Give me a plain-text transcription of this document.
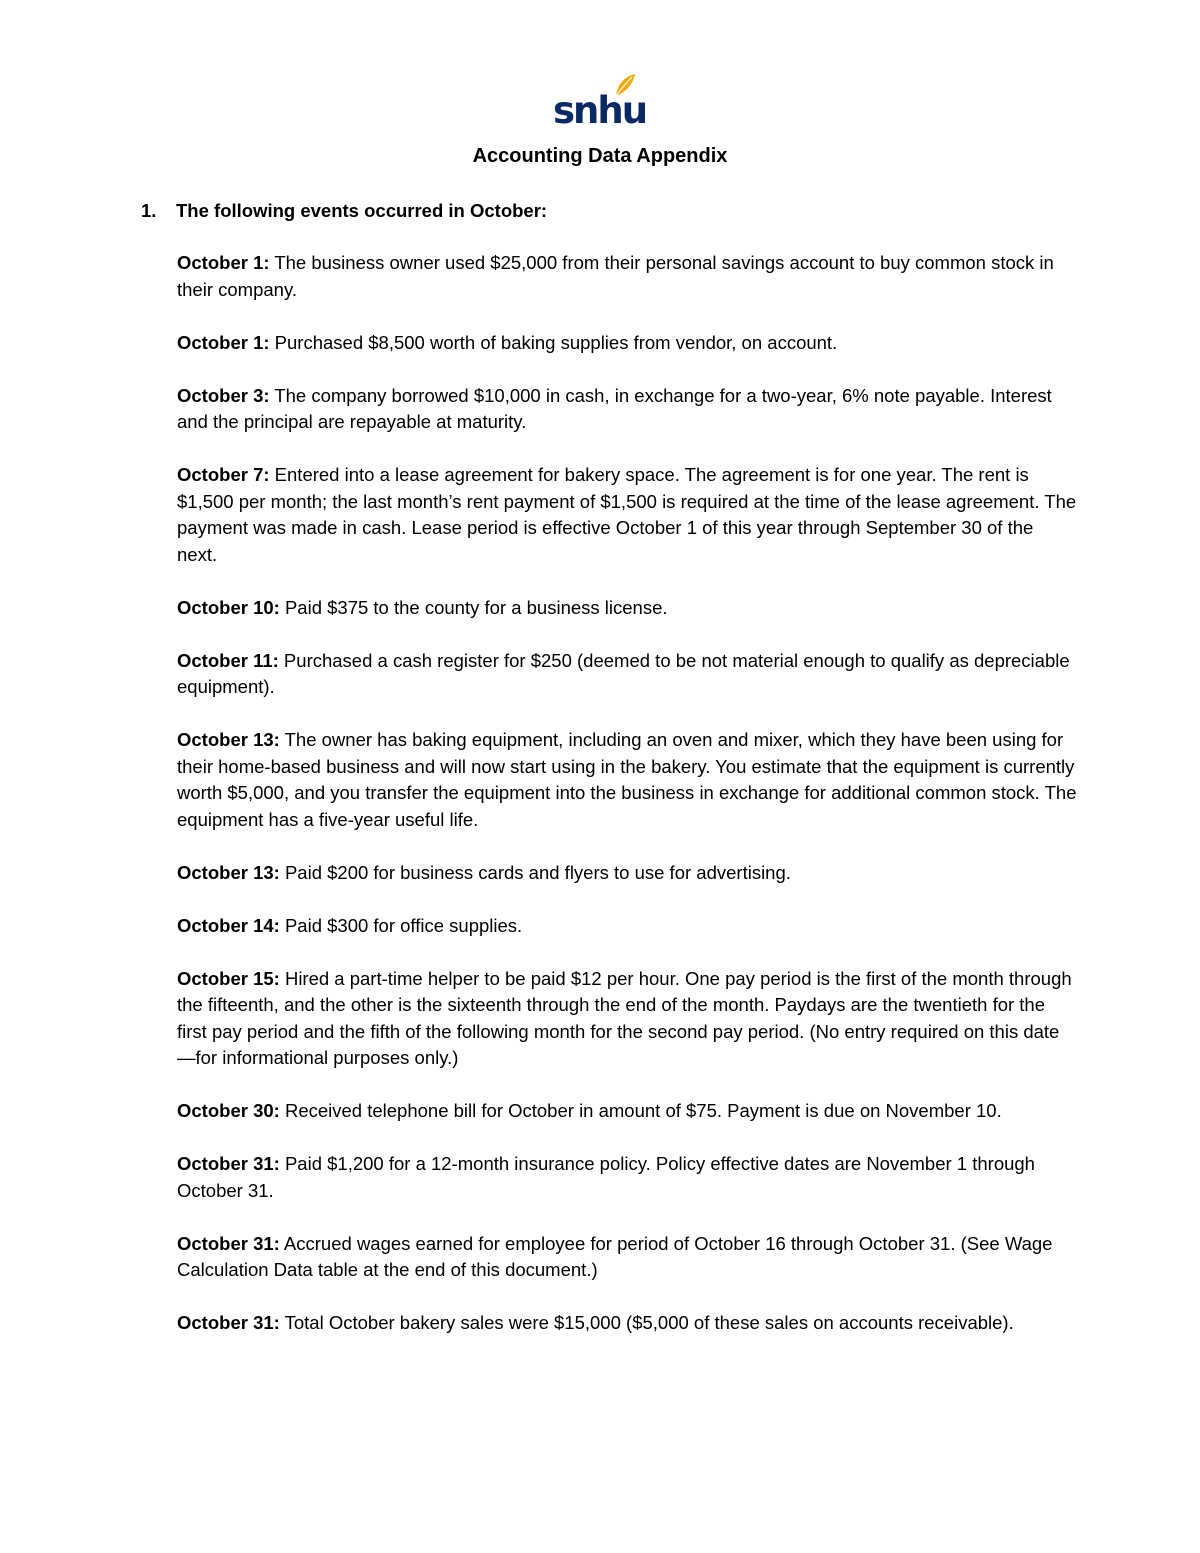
snhu
Accounting Data Appendix
1. The following events occurred in October:
October 1: The business owner used $25,000 from their personal savings account to buy common stock in their company.
October 1: Purchased $8,500 worth of baking supplies from vendor, on account.
October 3: The company borrowed $10,000 in cash, in exchange for a two-year, 6% note payable. Interest and the principal are repayable at maturity.
October 7: Entered into a lease agreement for bakery space. The agreement is for one year. The rent is $1,500 per month; the last month’s rent payment of $1,500 is required at the time of the lease agreement. The payment was made in cash. Lease period is effective October 1 of this year through September 30 of the next.
October 10: Paid $375 to the county for a business license.
October 11: Purchased a cash register for $250 (deemed to be not material enough to qualify as depreciable equipment).
October 13: The owner has baking equipment, including an oven and mixer, which they have been using for their home-based business and will now start using in the bakery. You estimate that the equipment is currently worth $5,000, and you transfer the equipment into the business in exchange for additional common stock. The equipment has a five-year useful life.
October 13: Paid $200 for business cards and flyers to use for advertising.
October 14: Paid $300 for office supplies.
October 15: Hired a part-time helper to be paid $12 per hour. One pay period is the first of the month through the fifteenth, and the other is the sixteenth through the end of the month. Paydays are the twentieth for the first pay period and the fifth of the following month for the second pay period. (No entry required on this date—for informational purposes only.)
October 30: Received telephone bill for October in amount of $75. Payment is due on November 10.
October 31: Paid $1,200 for a 12-month insurance policy. Policy effective dates are November 1 through October 31.
October 31: Accrued wages earned for employee for period of October 16 through October 31. (See Wage Calculation Data table at the end of this document.)
October 31: Total October bakery sales were $15,000 ($5,000 of these sales on accounts receivable).
